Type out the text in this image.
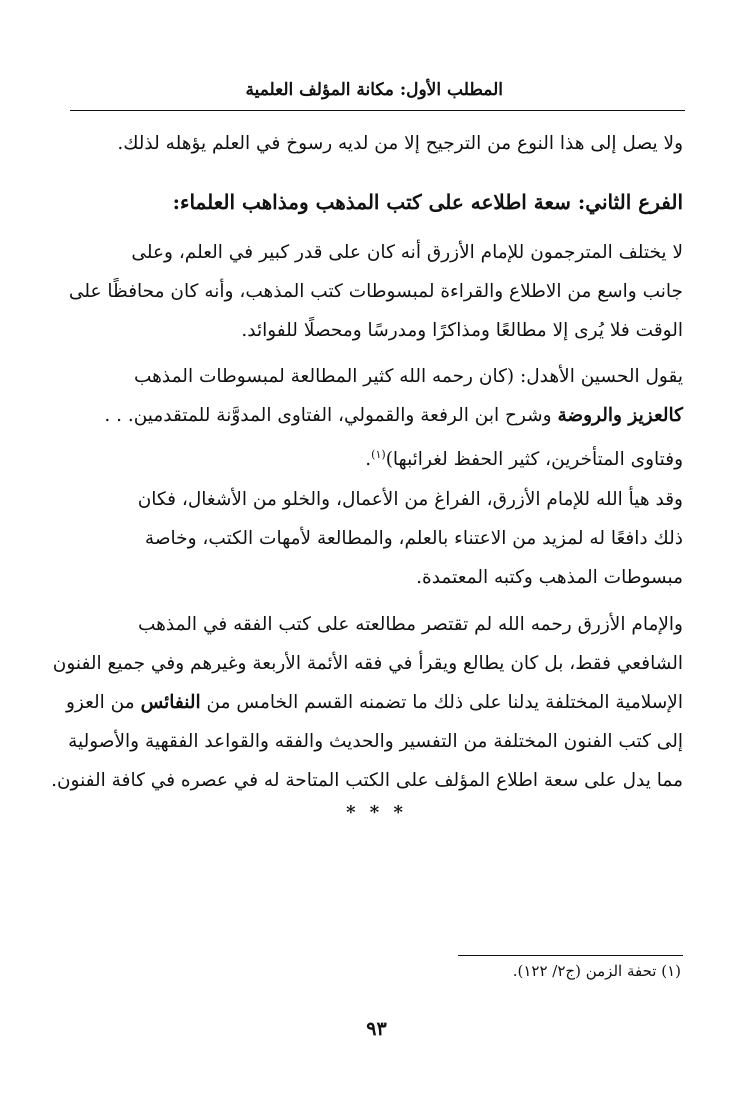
المطلب الأول: مكانة المؤلف العلمية

ولا يصل إلى هذا النوع من الترجيح إلا من لديه رسوخ في العلم يؤهله لذلك.

الفرع الثاني: سعة اطلاعه على كتب المذهب ومذاهب العلماء:

لا يختلف المترجمون للإمام الأزرق أنه كان على قدر كبير في العلم، وعلى
جانب واسع من الاطلاع والقراءة لمبسوطات كتب المذهب، وأنه كان محافظًا على
الوقت فلا يُرى إلا مطالعًا ومذاكرًا ومدرسًا ومحصلًا للفوائد.

يقول الحسين الأهدل: (كان رحمه الله كثير المطالعة لمبسوطات المذهب
كالعزيز والروضة وشرح ابن الرفعة والقمولي، الفتاوى المدوَّنة للمتقدمين. . .
وفتاوى المتأخرين، كثير الحفظ لغرائبها)$^{(١)}$.

وقد هيأ الله للإمام الأزرق، الفراغ من الأعمال، والخلو من الأشغال، فكان
ذلك دافعًا له لمزيد من الاعتناء بالعلم، والمطالعة لأمهات الكتب، وخاصة
مبسوطات المذهب وكتبه المعتمدة.

والإمام الأزرق رحمه الله لم تقتصر مطالعته على كتب الفقه في المذهب
الشافعي فقط، بل كان يطالع ويقرأ في فقه الأئمة الأربعة وغيرهم وفي جميع الفنون
الإسلامية المختلفة يدلنا على ذلك ما تضمنه القسم الخامس من النفائس من العزو
إلى كتب الفنون المختلفة من التفسير والحديث والفقه والقواعد الفقهية والأصولية
مما يدل على سعة اطلاع المؤلف على الكتب المتاحة له في عصره في كافة الفنون.

* * *
(١) تحفة الزمن (ج٢/ ١٢٢).
٩٣
